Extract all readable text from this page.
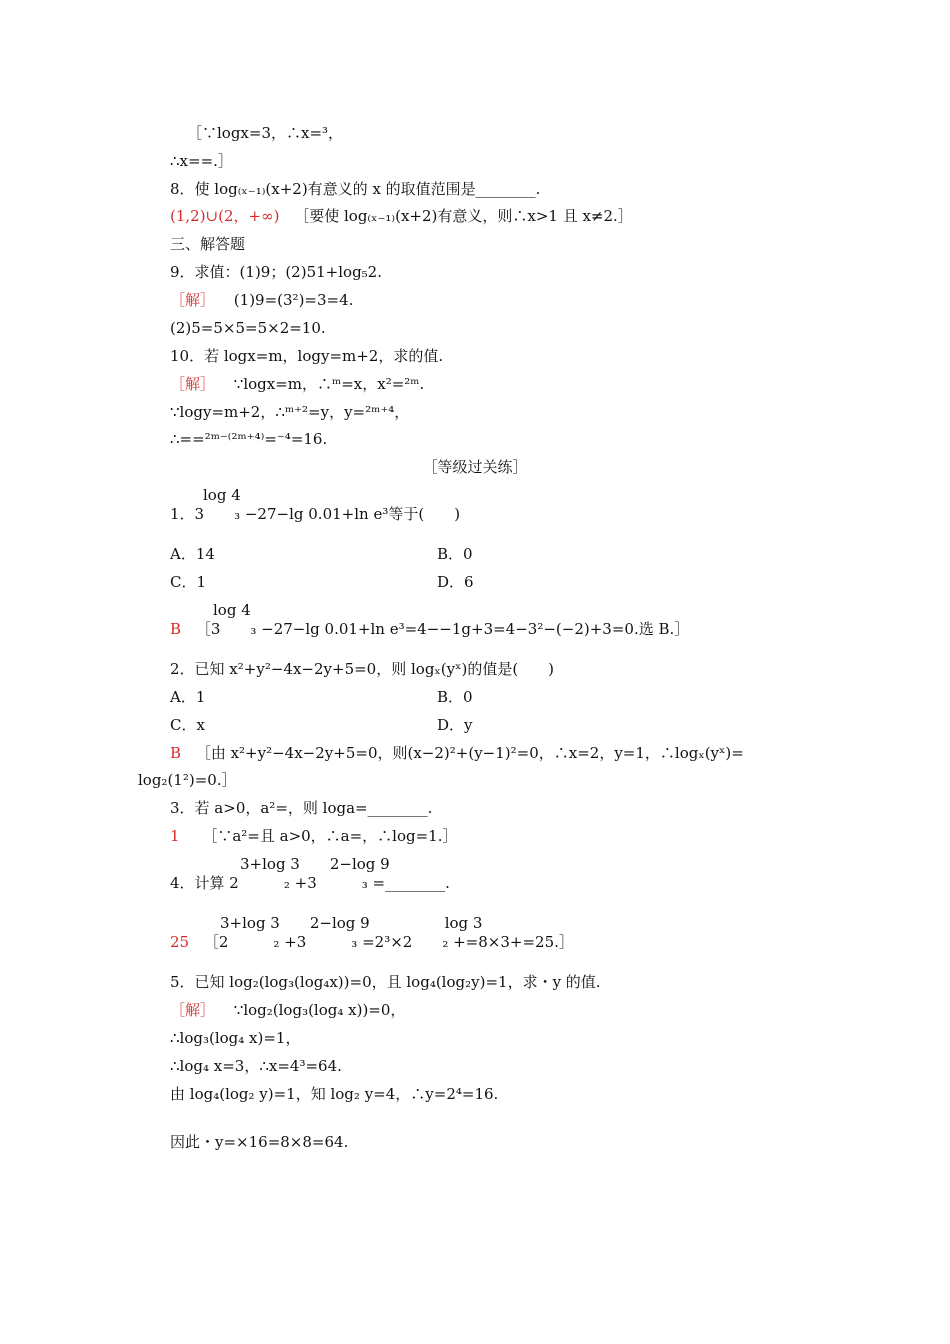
［∵logx=3，∴x=³，
∴x==.］
8．使 log₍ₓ₋₁₎(x+2)有意义的 x 的取值范围是________.
(1,2)∪(2，+∞) ［要使 log₍ₓ₋₁₎(x+2)有意义，则∴x>1 且 x≠2.］
三、解答题
9．求值：(1)9；(2)51+log₅2.
［解］ (1)9=(3²)=3=4.
(2)5=5×5=5×2=10.
10．若 logx=m，logy=m+2，求的值.
［解］ ∵logx=m，∴ᵐ=x，x²=²ᵐ.
∵logy=m+2，∴ᵐ⁺²=y，y=²ᵐ⁺⁴，
∴==²ᵐ⁻⁽²ᵐ⁺⁴⁾=⁻⁴=16.
［等级过关练］
log 4
1．3　　₃ −27−lg 0.01+ln e³等于(　　)
A．14	B．0
C．1	D．6
log 4
B ［3　　₃ −27−lg 0.01+ln e³=4−−1g+3=4−3²−(−2)+3=0.选 B.］
2．已知 x²+y²−4x−2y+5=0，则 logₓ(yˣ)的值是(　　)
A．1	B．0
C．x	D．y
B ［由 x²+y²−4x−2y+5=0，则(x−2)²+(y−1)²=0，∴x=2，y=1，∴logₓ(yˣ)=
log₂(1²)=0.］
3．若 a>0，a²=，则 loga=________.
1 ［∵a²=且 a>0，∴a=，∴log=1.］
3+log 3　　2−log 9
4．计算 2　　　₂ +3　　　₃ =________.
3+log 3　　2−log 9　　　　　log 3
25 ［2　　　₂ +3　　　₃ =2³×2　　₂ +=8×3+=25.］
5．已知 log₂(log₃(log₄x))=0，且 log₄(log₂y)=1，求・y 的值.
［解］ ∵log₂(log₃(log₄ x))=0，
∴log₃(log₄ x)=1，
∴log₄ x=3，∴x=4³=64.
由 log₄(log₂ y)=1，知 log₂ y=4，∴y=2⁴=16.
因此・y=×16=8×8=64.
